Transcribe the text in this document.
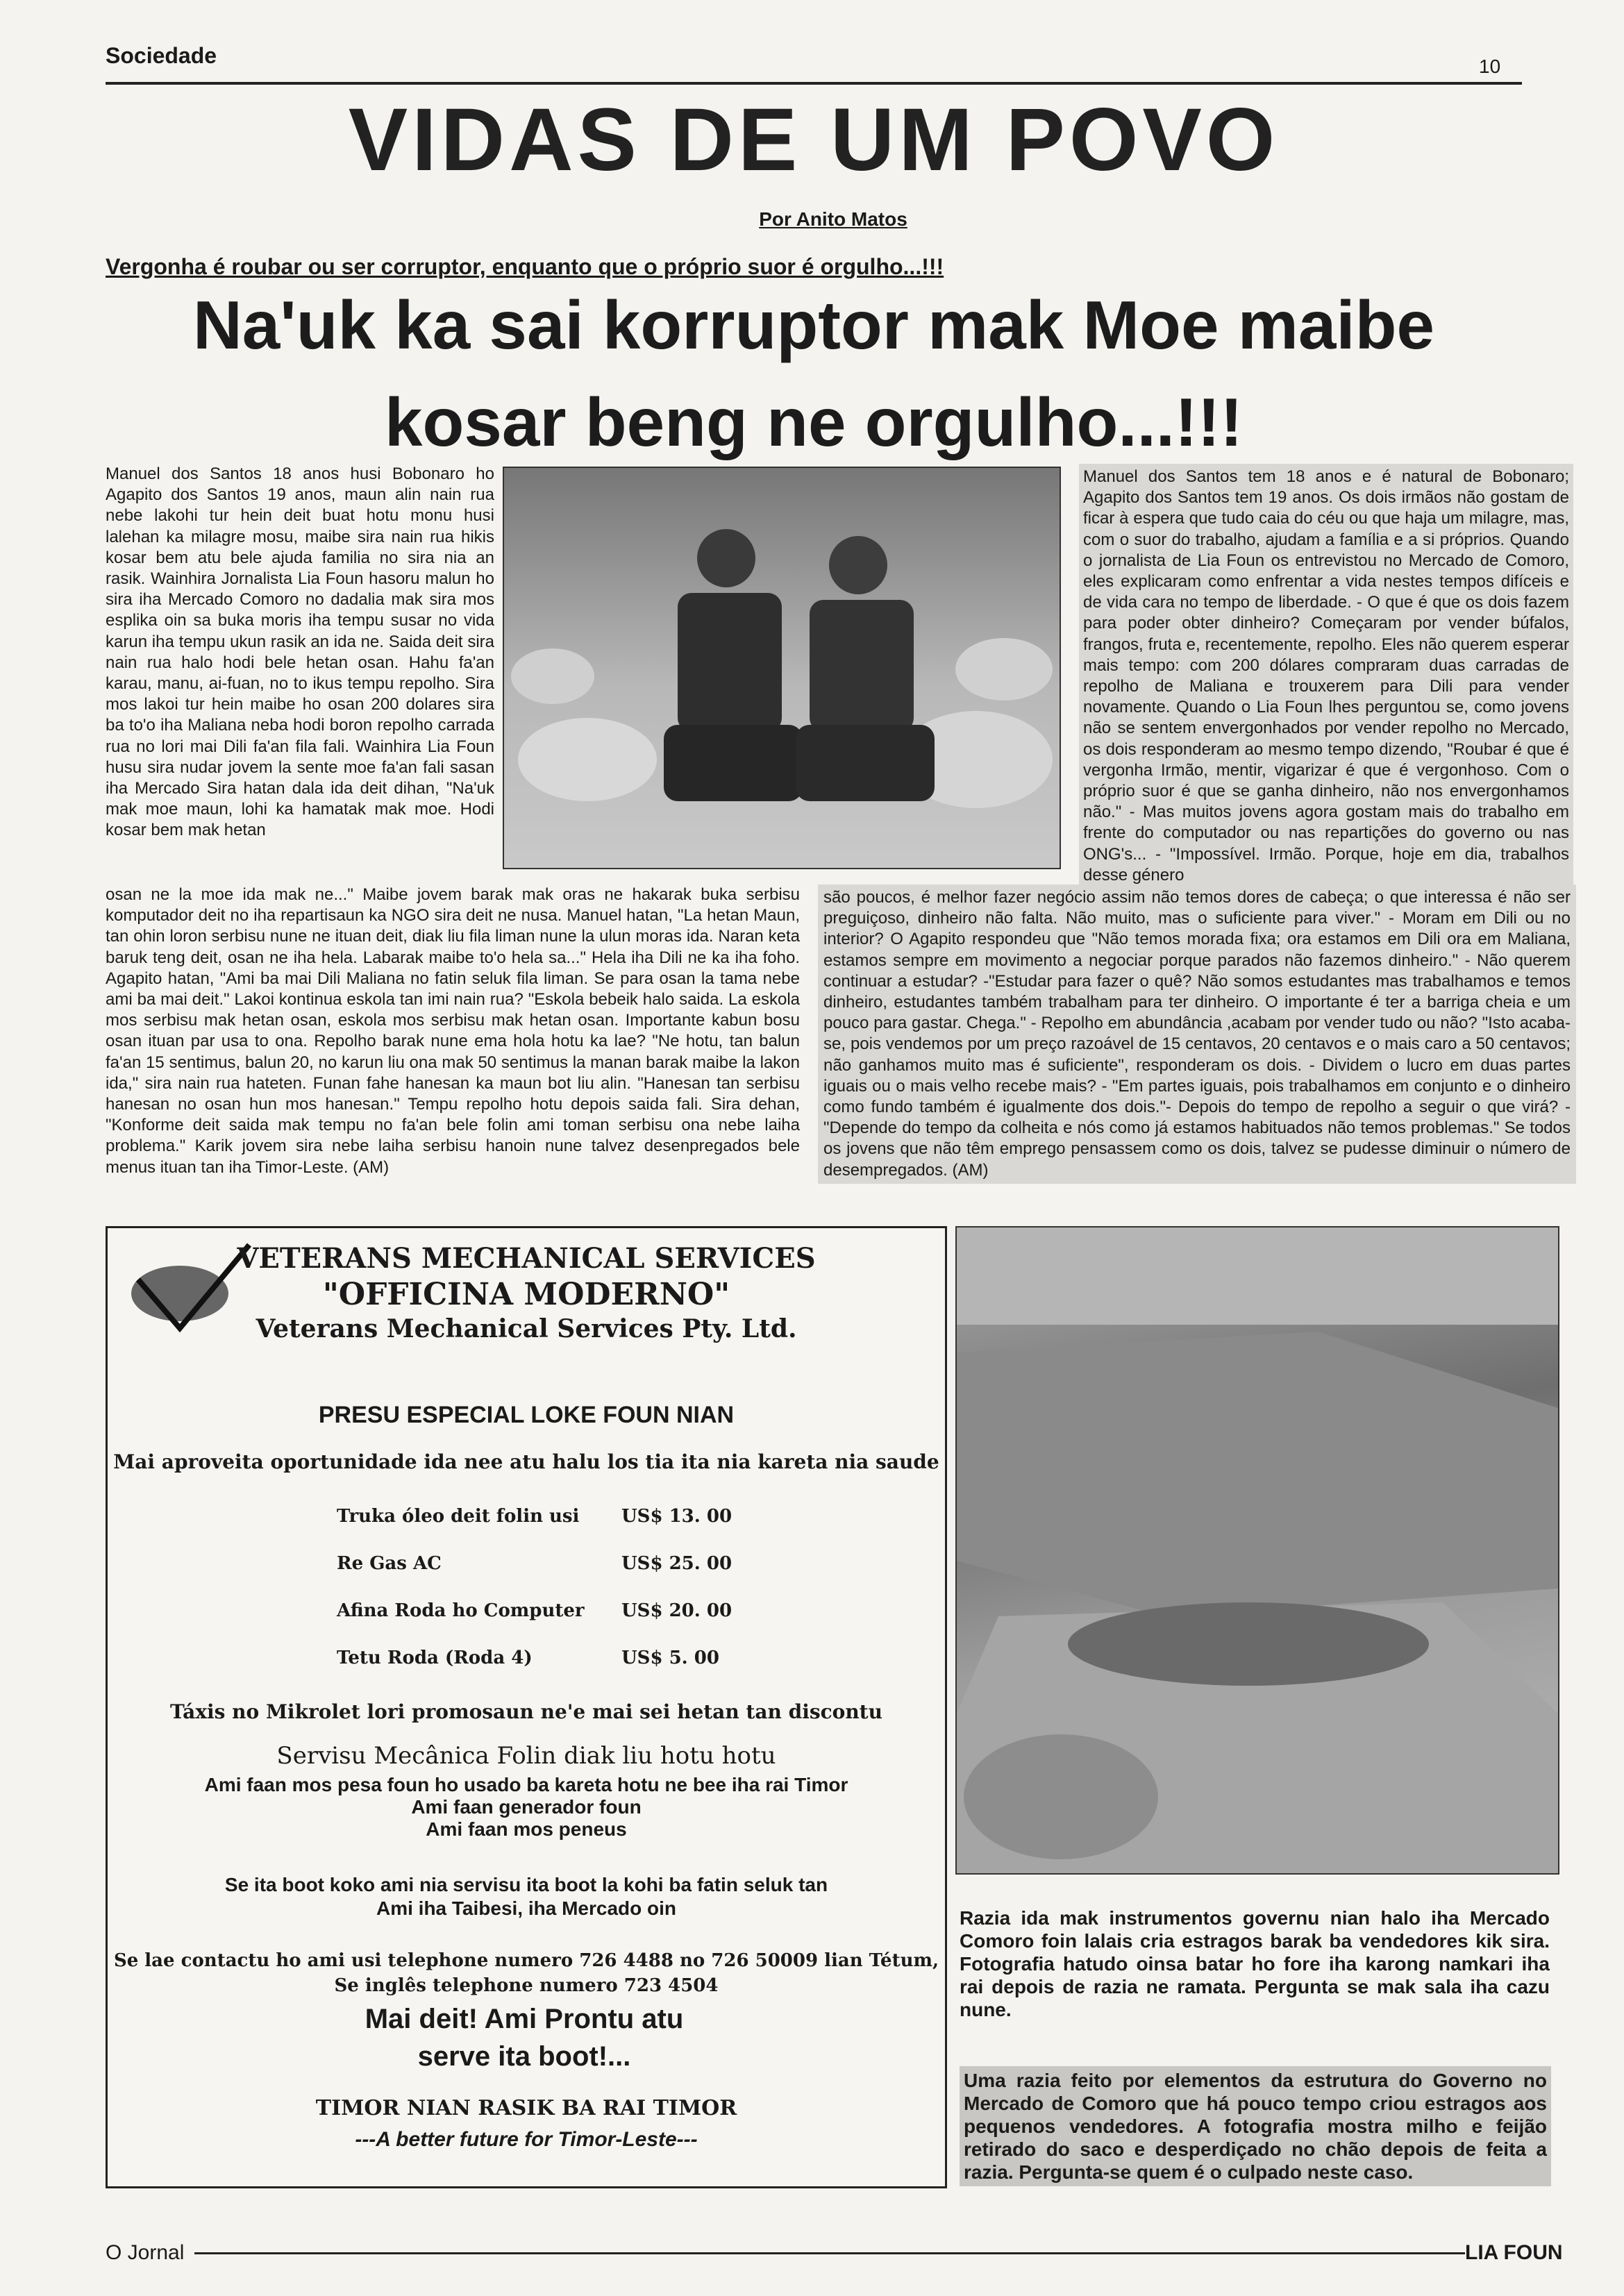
Sociedade	10
VIDAS DE UM POVO
Por Anito Matos
Vergonha é roubar ou ser corruptor, enquanto que o próprio suor é orgulho...!!!
Na'uk ka sai korruptor mak Moe maibe kosar beng ne orgulho...!!!
Manuel dos Santos 18 anos husi Bobonaro ho Agapito dos Santos 19 anos, maun alin nain rua nebe lakohi tur hein deit buat hotu monu husi lalehan ka milagre mosu, maibe sira nain rua hikis kosar bem atu bele ajuda familia no sira nia an rasik. Wainhira Jornalista Lia Foun hasoru malun ho sira iha Mercado Comoro no dadalia mak sira mos esplika oin sa buka moris iha tempu susar no vida karun iha tempu ukun rasik an ida ne. Saida deit sira nain rua halo hodi bele hetan osan. Hahu fa'an karau, manu, ai-fuan, no to ikus tempu repolho. Sira mos lakoi tur hein maibe ho osan 200 dolares sira ba to'o iha Maliana neba hodi boron repolho carrada rua no lori mai Dili fa'an fila fali. Wainhira Lia Foun husu sira nudar jovem la sente moe fa'an fali sasan iha Mercado Sira hatan dala ida deit dihan, "Na'uk mak moe maun, lohi ka hamatak mak moe. Hodi kosar bem mak hetan
Manuel dos Santos tem 18 anos e é natural de Bobonaro; Agapito dos Santos tem 19 anos. Os dois irmãos não gostam de ficar à espera que tudo caia do céu ou que haja um milagre, mas, com o suor do trabalho, ajudam a família e a si próprios. Quando o jornalista de Lia Foun os entrevistou no Mercado de Comoro, eles explicaram como enfrentar a vida nestes tempos difíceis e de vida cara no tempo de liberdade. - O que é que os dois fazem para poder obter dinheiro? Começaram por vender búfalos, frangos, fruta e, recentemente, repolho. Eles não querem esperar mais tempo: com 200 dólares compraram duas carradas de repolho de Maliana e trouxerem para Dili para vender novamente. Quando o Lia Foun lhes perguntou se, como jovens não se sentem envergonhados por vender repolho no Mercado, os dois responderam ao mesmo tempo dizendo, "Roubar é que é vergonha Irmão, mentir, vigarizar é que é vergonhoso. Com o próprio suor é que se ganha dinheiro, não nos envergonhamos não." - Mas muitos jovens agora gostam mais do trabalho em frente do computador ou nas repartições do governo ou nas ONG's... - "Impossível. Irmão. Porque, hoje em dia, trabalhos desse género
osan ne la moe ida mak ne..." Maibe jovem barak mak oras ne hakarak buka serbisu komputador deit no iha repartisaun ka NGO sira deit ne nusa. Manuel hatan, "La hetan Maun, tan ohin loron serbisu nune ne ituan deit, diak liu fila liman nune la ulun moras ida. Naran keta baruk teng deit, osan ne iha hela. Labarak maibe to'o hela sa..." Hela iha Dili ne ka iha foho. Agapito hatan, "Ami ba mai Dili Maliana no fatin seluk fila liman. Se para osan la tama nebe ami ba mai deit." Lakoi kontinua eskola tan imi nain rua? "Eskola bebeik halo saida. La eskola mos serbisu mak hetan osan, eskola mos serbisu mak hetan osan. Importante kabun bosu osan ituan par usa to ona. Repolho barak nune ema hola hotu ka lae? "Ne hotu, tan balun fa'an 15 sentimus, balun 20, no karun liu ona mak 50 sentimus la manan barak maibe la lakon ida," sira nain rua hateten. Funan fahe hanesan ka maun bot liu alin. "Hanesan tan serbisu hanesan no osan hun mos hanesan." Tempu repolho hotu depois saida fali. Sira dehan, "Konforme deit saida mak tempu no fa'an bele folin ami toman serbisu ona nebe laiha problema." Karik jovem sira nebe laiha serbisu hanoin nune talvez desenpregados bele menus ituan tan iha Timor-Leste. (AM)
são poucos, é melhor fazer negócio assim não temos dores de cabeça; o que interessa é não ser preguiçoso, dinheiro não falta. Não muito, mas o suficiente para viver." - Moram em Dili ou no interior? O Agapito respondeu que "Não temos morada fixa; ora estamos em Dili ora em Maliana, estamos sempre em movimento a negociar porque parados não fazemos dinheiro." - Não querem continuar a estudar? -"Estudar para fazer o quê? Não somos estudantes mas trabalhamos e temos dinheiro, estudantes também trabalham para ter dinheiro. O importante é ter a barriga cheia e um pouco para gastar. Chega." - Repolho em abundância ,acabam por vender tudo ou não? "Isto acaba-se, pois vendemos por um preço razoável de 15 centavos, 20 centavos e o mais caro a 50 centavos; não ganhamos muito mas é suficiente", responderam os dois. - Dividem o lucro em duas partes iguais ou o mais velho recebe mais? - "Em partes iguais, pois trabalhamos em conjunto e o dinheiro como fundo também é igualmente dos dois."- Depois do tempo de repolho a seguir o que virá? - "Depende do tempo da colheita e nós como já estamos habituados não temos problemas." Se todos os jovens que não têm emprego pensassem como os dois, talvez se pudesse diminuir o número de desempregados. (AM)
VETERANS MECHANICAL SERVICES
"OFFICINA MODERNO"
Veterans Mechanical Services Pty. Ltd.
PRESU ESPECIAL LOKE FOUN NIAN
Mai aproveita oportunidade ida nee atu halu los tia ita nia kareta nia saude
Truka óleo deit folin usi US$ 13. 00
Re Gas AC	US$ 25. 00
Afina Roda ho Computer US$ 20. 00
Tetu Roda (Roda 4)	US$ 5. 00
Táxis no Mikrolet lori promosaun ne'e mai sei hetan tan discontu
Servisu Mecânica Folin diak liu hotu hotu
Ami faan mos pesa foun ho usado ba kareta hotu ne bee iha rai Timor
Ami faan generador foun
Ami faan mos peneus
Se ita boot koko ami nia servisu ita boot la kohi ba fatin seluk tan
Ami iha Taibesi, iha Mercado oin
Se lae contactu ho ami usi telephone numero 726 4488 no 726 50009 lian Tétum,
Se inglês telephone numero 723 4504
Mai deit! Ami Prontu atu serve ita boot!...
TIMOR NIAN RASIK BA RAI TIMOR
---A better future for Timor-Leste---
Razia ida mak instrumentos governu nian halo iha Mercado Comoro foin lalais cria estragos barak ba vendedores kik sira. Fotografia hatudo oinsa batar ho fore iha karong namkari iha rai depois de razia ne ramata. Pergunta se mak sala iha cazu nune.
Uma razia feito por elementos da estrutura do Governo no Mercado de Comoro que há pouco tempo criou estragos aos pequenos vendedores. A fotografia mostra milho e feijão retirado do saco e desperdiçado no chão depois de feita a razia. Pergunta-se quem é o culpado neste caso.
O Jornal	LIA FOUN
